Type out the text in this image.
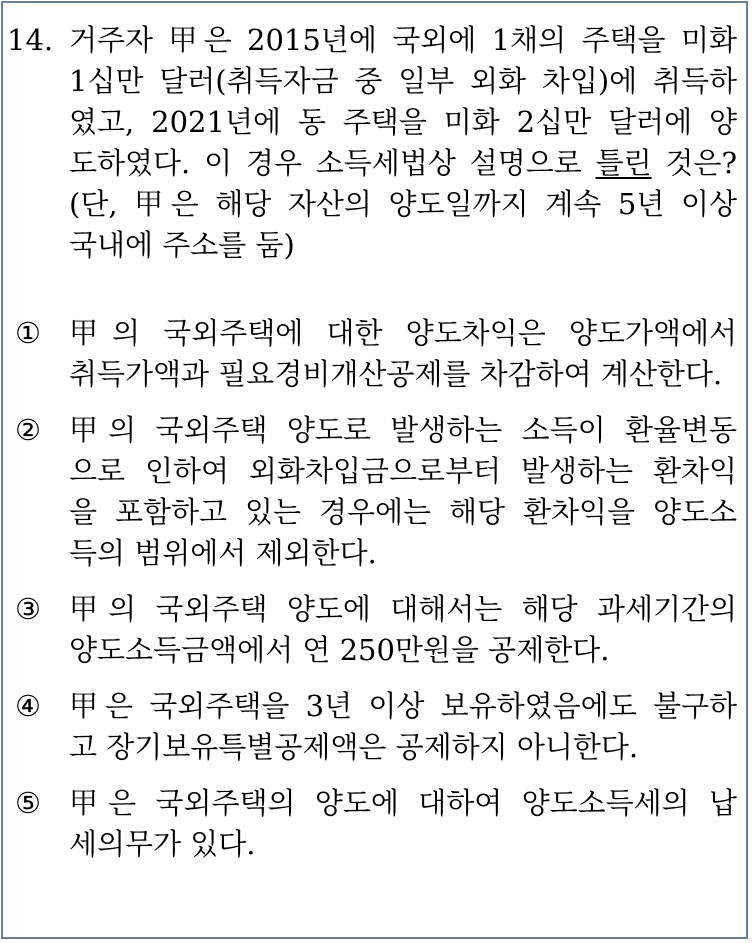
14. 거주자 甲은 2015년에 국외에 1채의 주택을 미화
1십만 달러(취득자금 중 일부 외화 차입)에 취득하
였고, 2021년에 동 주택을 미화 2십만 달러에 양
도하였다. 이 경우 소득세법상 설명으로 틀린 것은?
(단, 甲은 해당 자산의 양도일까지 계속 5년 이상
국내에 주소를 둠)
① 甲의 국외주택에 대한 양도차익은 양도가액에서
취득가액과 필요경비개산공제를 차감하여 계산한다.
② 甲의 국외주택 양도로 발생하는 소득이 환율변동
으로 인하여 외화차입금으로부터 발생하는 환차익
을 포함하고 있는 경우에는 해당 환차익을 양도소
득의 범위에서 제외한다.
③ 甲의 국외주택 양도에 대해서는 해당 과세기간의
양도소득금액에서 연 250만원을 공제한다.
④ 甲은 국외주택을 3년 이상 보유하였음에도 불구하
고 장기보유특별공제액은 공제하지 아니한다.
⑤ 甲은 국외주택의 양도에 대하여 양도소득세의 납
세의무가 있다.
